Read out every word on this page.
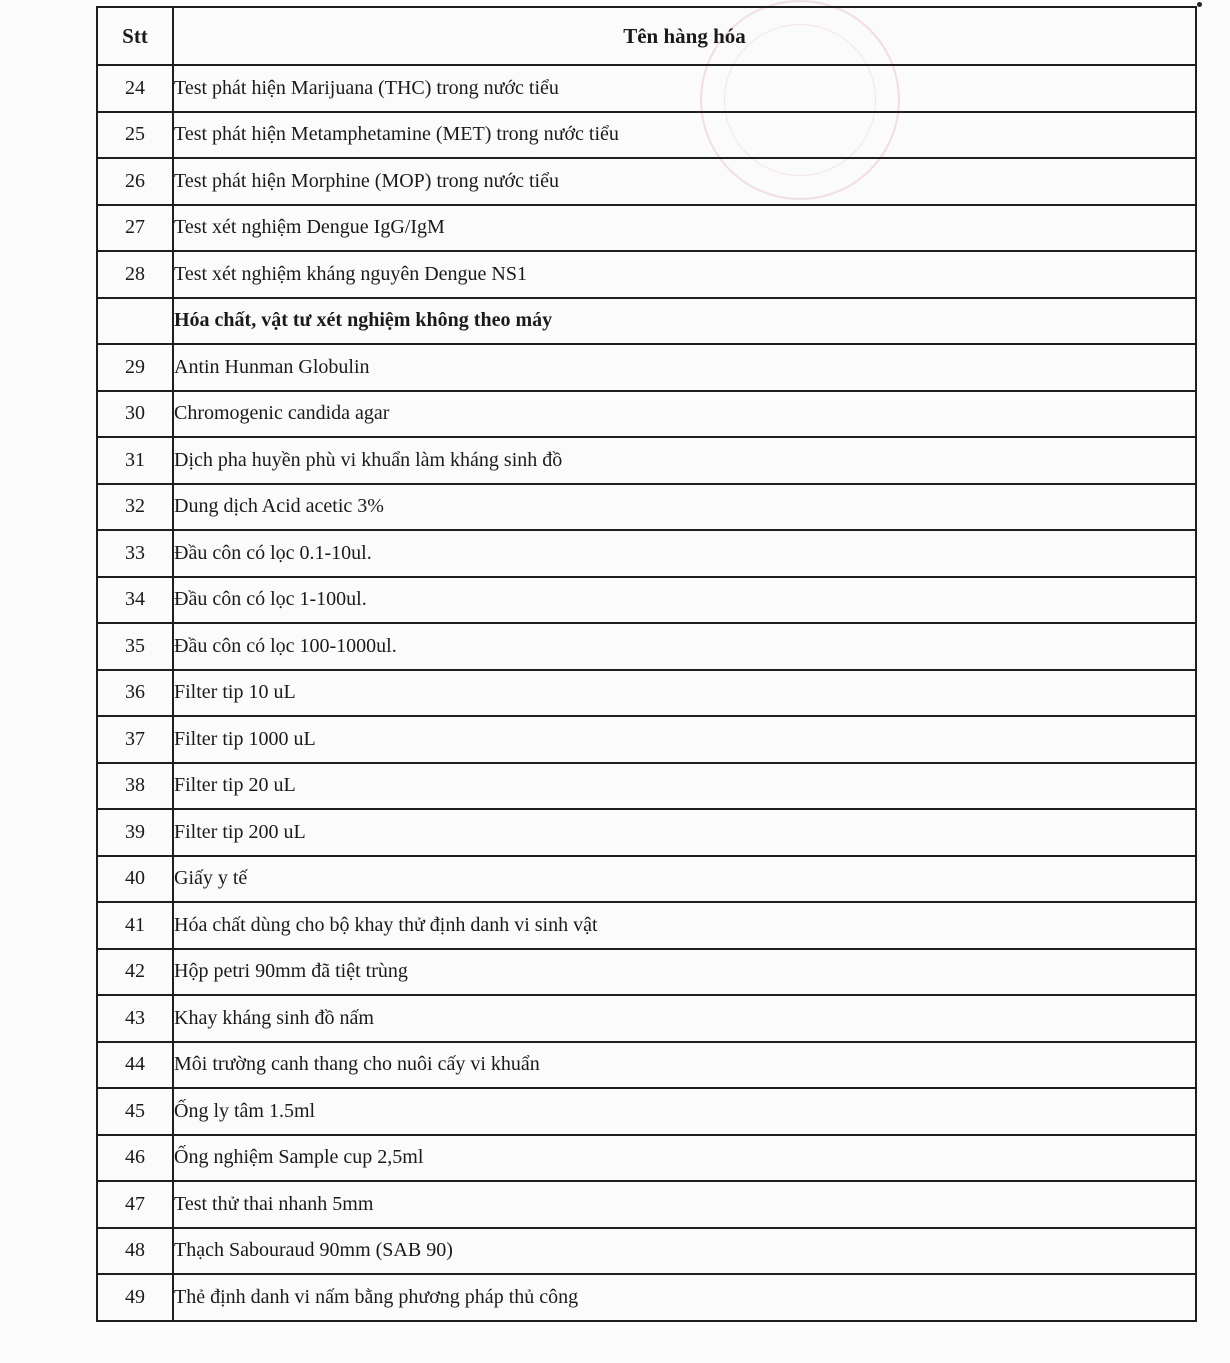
Stt	Tên hàng hóa
24	Test phát hiện Marijuana (THC) trong nước tiểu
25	Test phát hiện Metamphetamine (MET) trong nước tiểu
26	Test phát hiện Morphine (MOP) trong nước tiểu
27	Test xét nghiệm Dengue IgG/IgM
28	Test xét nghiệm kháng nguyên Dengue NS1
	Hóa chất, vật tư xét nghiệm không theo máy
29	Antin Hunman Globulin
30	Chromogenic candida agar
31	Dịch pha huyền phù vi khuẩn làm kháng sinh đồ
32	Dung dịch Acid acetic 3%
33	Đầu côn có lọc 0.1-10ul.
34	Đầu côn có lọc 1-100ul.
35	Đầu côn có lọc 100-1000ul.
36	Filter tip 10 uL
37	Filter tip 1000 uL
38	Filter tip 20 uL
39	Filter tip 200 uL
40	Giấy y tế
41	Hóa chất dùng cho bộ khay thử định danh vi sinh vật
42	Hộp petri 90mm đã tiệt trùng
43	Khay kháng sinh đồ nấm
44	Môi trường canh thang cho nuôi cấy vi khuẩn
45	Ống ly tâm 1.5ml
46	Ống nghiệm Sample cup 2,5ml
47	Test thử thai nhanh 5mm
48	Thạch Sabouraud 90mm (SAB 90)
49	Thẻ định danh vi nấm bằng phương pháp thủ công
